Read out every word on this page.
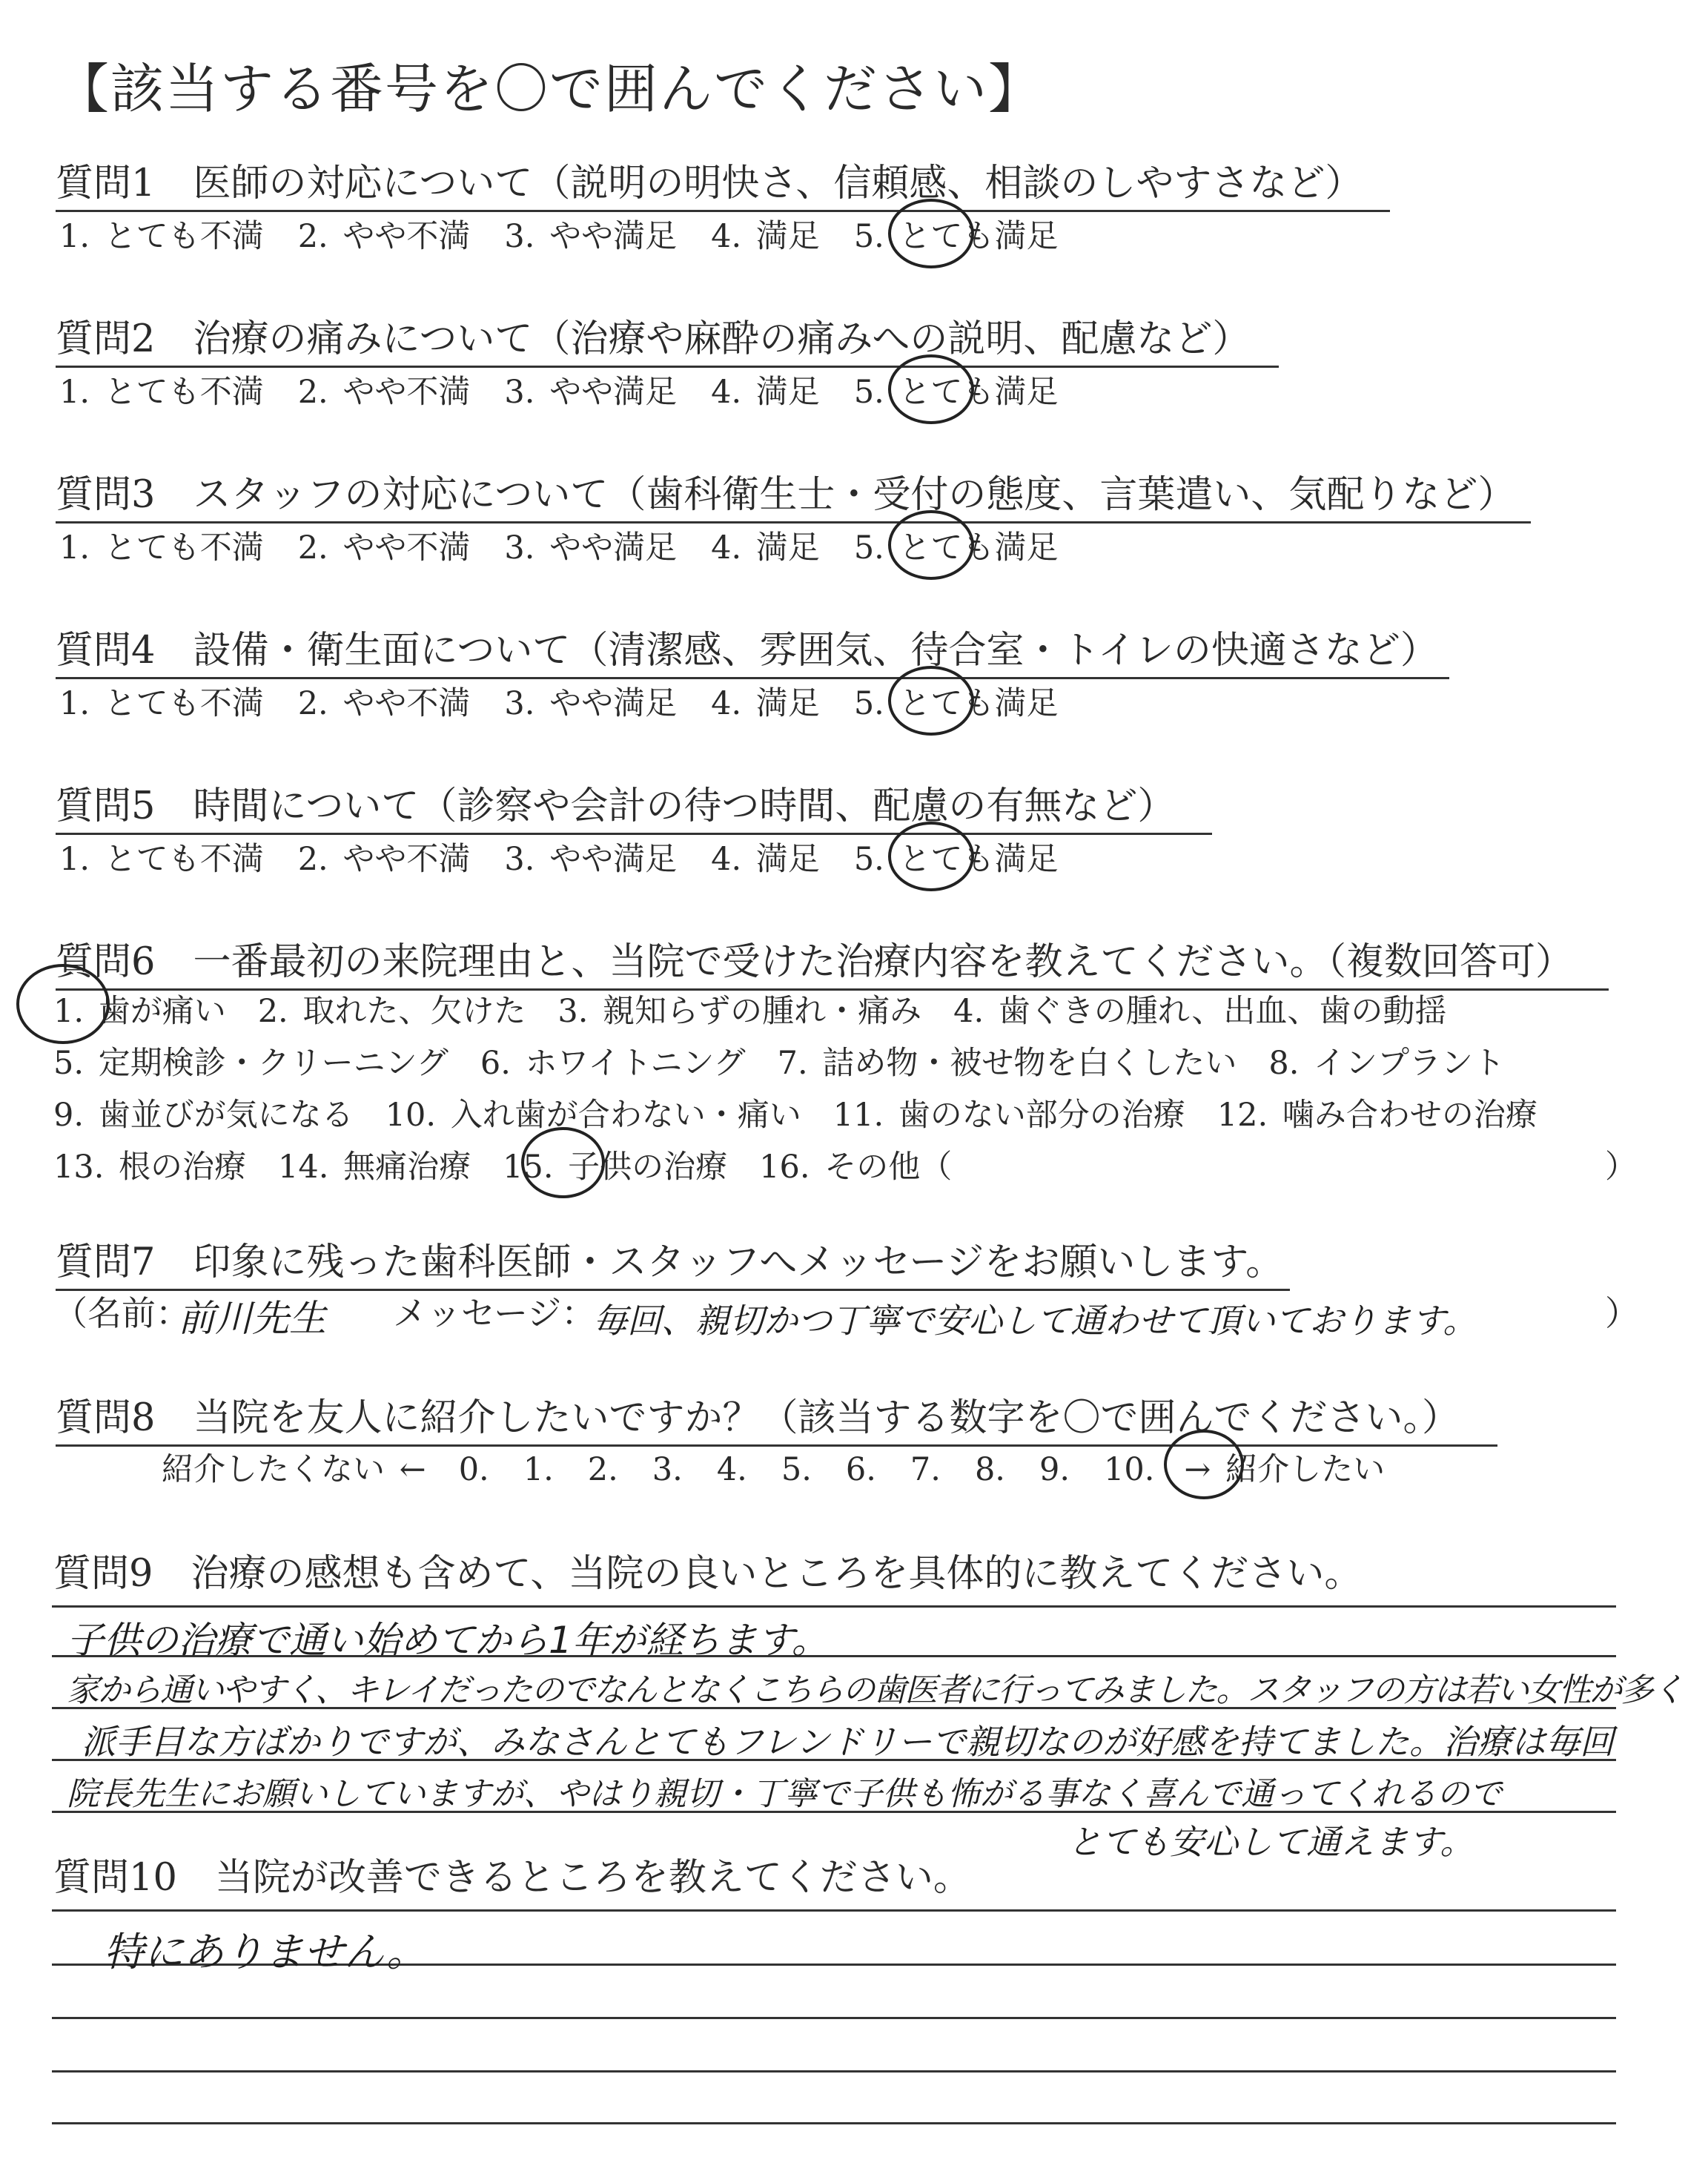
【該当する番号を〇で囲んでください】
質問1　医師の対応について（説明の明快さ、信頼感、相談のしやすさなど）
1. とても不満 2. やや不満 3. やや満足 4. 満足 5. とても満足
質問2　治療の痛みについて（治療や麻酔の痛みへの説明、配慮など）
1. とても不満 2. やや不満 3. やや満足 4. 満足 5. とても満足
質問3　スタッフの対応について（歯科衛生士・受付の態度、言葉遣い、気配りなど）
1. とても不満 2. やや不満 3. やや満足 4. 満足 5. とても満足
質問4　設備・衛生面について（清潔感、雰囲気、待合室・トイレの快適さなど）
1. とても不満 2. やや不満 3. やや満足 4. 満足 5. とても満足
質問5　時間について（診察や会計の待つ時間、配慮の有無など）
1. とても不満 2. やや不満 3. やや満足 4. 満足 5. とても満足
質問6　一番最初の来院理由と、当院で受けた治療内容を教えてください。（複数回答可）
1. 歯が痛い　2. 取れた、欠けた　3. 親知らずの腫れ・痛み　4. 歯ぐきの腫れ、出血、歯の動揺
5. 定期検診・クリーニング　6. ホワイトニング　7. 詰め物・被せ物を白くしたい　8. インプラント
9. 歯並びが気になる　10. 入れ歯が合わない・痛い　11. 歯のない部分の治療　12. 噛み合わせの治療
13. 根の治療　14. 無痛治療　15. 子供の治療　16. その他（	）
質問7　印象に残った歯科医師・スタッフへメッセージをお願いします。
（名前：
前川先生 メッセージ：
毎回、親切かつ丁寧で安心して通わせて頂いております。	）
質問8　当院を友人に紹介したいですか？（該当する数字を〇で囲んでください。）
紹介したくない ← 0. 1. 2. 3. 4. 5. 6. 7. 8. 9. 10. → 紹介したい
質問9　治療の感想も含めて、当院の良いところを具体的に教えてください。
子供の治療で通い始めてから1年が経ちます。
家から通いやすく、キレイだったのでなんとなくこちらの歯医者に行ってみました。スタッフの方は若い女性が多く
派手目な方ばかりですが、みなさんとてもフレンドリーで親切なのが好感を持てました。治療は毎回
院長先生にお願いしていますが、やはり親切・丁寧で子供も怖がる事なく喜んで通ってくれるので
とても安心して通えます。
質問10　当院が改善できるところを教えてください。
特にありません。
